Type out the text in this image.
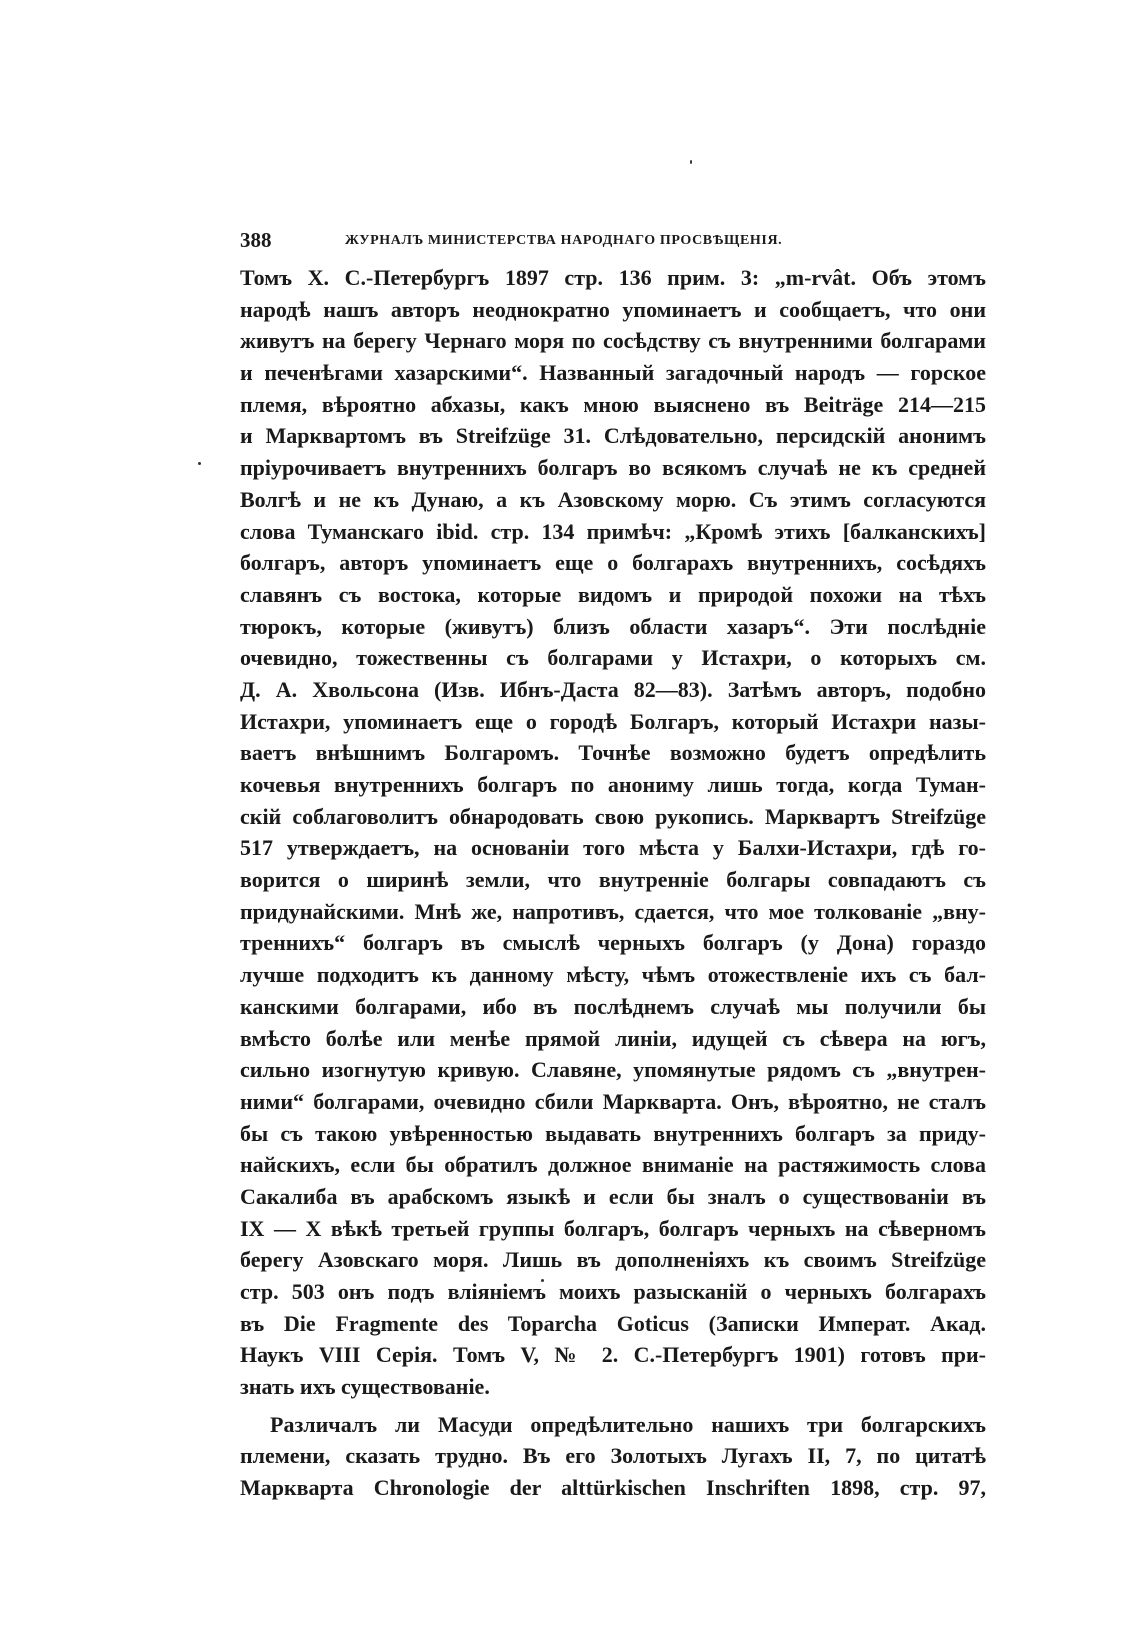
388	ЖУРНАЛЪ МИНИСТЕРСТВА НАРОДНАГО ПРОСВѢЩЕНІЯ.
Томъ X. С.-Петербургъ 1897 стр. 136 прим. 3: „m-rvât. Объ этомъ
народѣ нашъ авторъ неоднократно упоминаетъ и сообщаетъ, что они
живутъ на берегу Чернаго моря по сосѣдству съ внутренними болгарами
и печенѣгами хазарскими“. Названный загадочный народъ — горское
племя, вѣроятно абхазы, какъ мною выяснено въ Beiträge 214—215
и Марквартомъ въ Streifzüge 31. Слѣдовательно, персидскій анонимъ
пріурочиваетъ внутреннихъ болгаръ во всякомъ случаѣ не къ средней
Волгѣ и не къ Дунаю, а къ Азовскому морю. Съ этимъ согласуются
слова Туманскаго ibid. стр. 134 примѣч: „Кромѣ этихъ [балканскихъ]
болгаръ, авторъ упоминаетъ еще о болгарахъ внутреннихъ, сосѣдяхъ
славянъ съ востока, которые видомъ и природой похожи на тѣхъ
тюрокъ, которые (живутъ) близъ области хазаръ“. Эти послѣдніе
очевидно, тожественны съ болгарами у Истахри, о которыхъ см.
Д. А. Хвольсона (Изв. Ибнъ-Даста 82—83). Затѣмъ авторъ, подобно
Истахри, упоминаетъ еще о городѣ Болгаръ, который Истахри назы-
ваетъ внѣшнимъ Болгаромъ. Точнѣе возможно будетъ опредѣлить
кочевья внутреннихъ болгаръ по анониму лишь тогда, когда Туман-
скій соблаговолитъ обнародовать свою рукопись. Марквартъ Streifzüge
517 утверждаетъ, на основаніи того мѣста у Балхи-Истахри, гдѣ го-
ворится о ширинѣ земли, что внутренніе болгары совпадаютъ съ
придунайскими. Мнѣ же, напротивъ, сдается, что мое толкованіе „вну-
треннихъ“ болгаръ въ смыслѣ черныхъ болгаръ (у Дона) гораздо
лучше подходитъ къ данному мѣсту, чѣмъ отожествленіе ихъ съ бал-
канскими болгарами, ибо въ послѣднемъ случаѣ мы получили бы
вмѣсто болѣе или менѣе прямой линіи, идущей съ сѣвера на югъ,
сильно изогнутую кривую. Славяне, упомянутые рядомъ съ „внутрен-
ними“ болгарами, очевидно сбили Маркварта. Онъ, вѣроятно, не сталъ
бы съ такою увѣренностью выдавать внутреннихъ болгаръ за приду-
найскихъ, если бы обратилъ должное вниманіе на растяжимость слова
Сакалиба въ арабскомъ языкѣ и если бы зналъ о существованіи въ
IX — X вѣкѣ третьей группы болгаръ, болгаръ черныхъ на сѣверномъ
берегу Азовскаго моря. Лишь въ дополненіяхъ къ своимъ Streifzüge
стр. 503 онъ подъ вліяніемъ моихъ разысканій о черныхъ болгарахъ
въ Die Fragmente des Toparcha Goticus (Записки Императ. Акад.
Наукъ VIII Серія. Томъ V, № 2. С.-Петербургъ 1901) готовъ при-
знать ихъ существованіе.
Различалъ ли Масуди опредѣлительно нашихъ три болгарскихъ
племени, сказать трудно. Въ его Золотыхъ Лугахъ II, 7, по цитатѣ
Маркварта Chronologie der alttürkischen Inschriften 1898, стр. 97,
